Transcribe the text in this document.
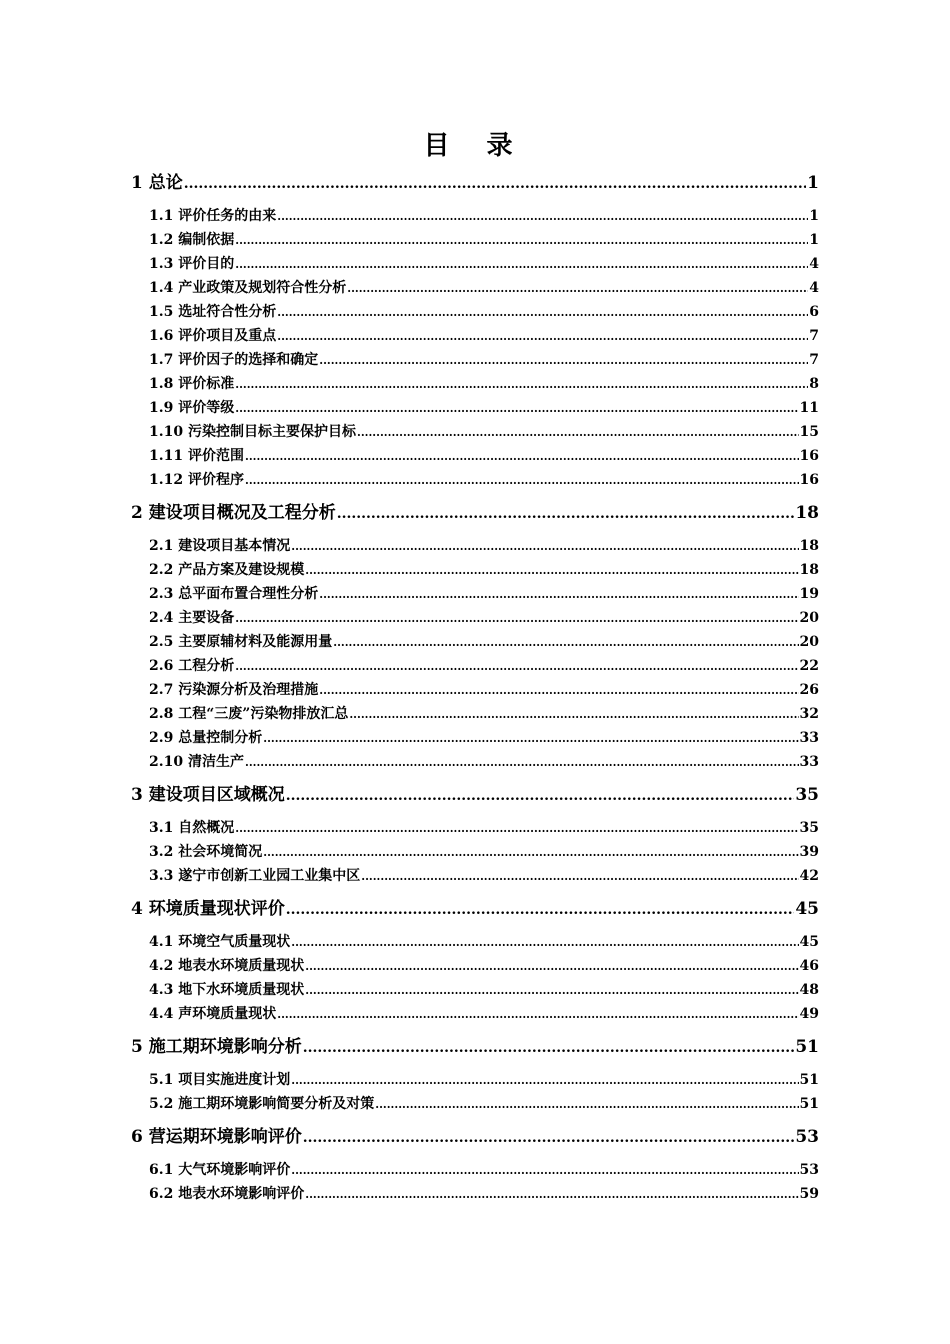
目 录
1 总论 .....	1
1.1 评价任务的由来 .....	1
1.2 编制依据 .....	1
1.3 评价目的 .....	4
1.4 产业政策及规划符合性分析 .....	4
1.5 选址符合性分析 .....	6
1.6 评价项目及重点 .....	7
1.7 评价因子的选择和确定 .....	7
1.8 评价标准 .....	8
1.9 评价等级 .....	11
1.10 污染控制目标主要保护目标 .....	15
1.11 评价范围 .....	16
1.12 评价程序 .....	16
2 建设项目概况及工程分析 .....	18
2.1 建设项目基本情况 .....	18
2.2 产品方案及建设规模 .....	18
2.3 总平面布置合理性分析 .....	19
2.4 主要设备 .....	20
2.5 主要原辅材料及能源用量 .....	20
2.6 工程分析 .....	22
2.7 污染源分析及治理措施 .....	26
2.8 工程“三废”污染物排放汇总 .....	32
2.9 总量控制分析 .....	33
2.10 清洁生产 .....	33
3 建设项目区域概况 .....	35
3.1 自然概况 .....	35
3.2 社会环境简况 .....	39
3.3 遂宁市创新工业园工业集中区 .....	42
4 环境质量现状评价 .....	45
4.1 环境空气质量现状 .....	45
4.2 地表水环境质量现状 .....	46
4.3 地下水环境质量现状 .....	48
4.4 声环境质量现状 .....	49
5 施工期环境影响分析 .....	51
5.1 项目实施进度计划 .....	51
5.2 施工期环境影响简要分析及对策 .....	51
6 营运期环境影响评价 .....	53
6.1 大气环境影响评价 .....	53
6.2 地表水环境影响评价 .....	59
